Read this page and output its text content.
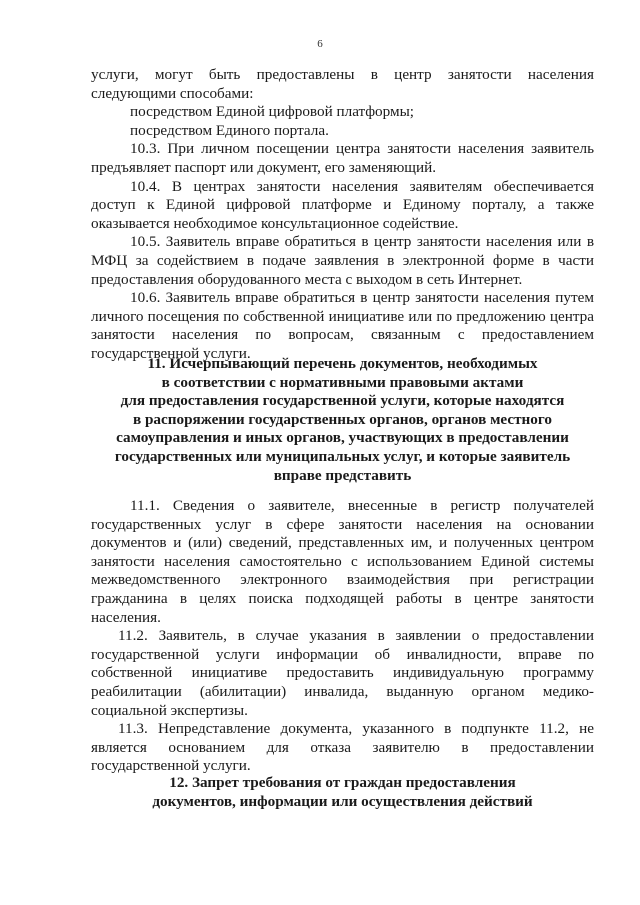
6

услуги, могут быть предоставлены в центр занятости населения следующими способами:

посредством Единой цифровой платформы;

посредством Единого портала.

10.3. При личном посещении центра занятости населения заявитель предъявляет паспорт или документ, его заменяющий.

10.4. В центрах занятости населения заявителям обеспечивается доступ к Единой цифровой платформе и Единому порталу, а также оказывается необходимое консультационное содействие.

10.5. Заявитель вправе обратиться в центр занятости населения или в МФЦ за содействием в подаче заявления в электронной форме в части предоставления оборудованного места с выходом в сеть Интернет.

10.6. Заявитель вправе обратиться в центр занятости населения путем личного посещения по собственной инициативе или по предложению центра занятости населения по вопросам, связанным с предоставлением государственной услуги.

11. Исчерпывающий перечень документов, необходимых
в соответствии с нормативными правовыми актами
для предоставления государственной услуги, которые находятся
в распоряжении государственных органов, органов местного
самоуправления и иных органов, участвующих в предоставлении
государственных или муниципальных услуг, и которые заявитель
вправе представить

11.1. Сведения о заявителе, внесенные в регистр получателей государственных услуг в сфере занятости населения на основании документов и (или) сведений, представленных им, и полученных центром занятости населения самостоятельно с использованием Единой системы межведомственного электронного взаимодействия при регистрации гражданина в целях поиска подходящей работы в центре занятости населения.

11.2. Заявитель, в случае указания в заявлении о предоставлении государственной услуги информации об инвалидности, вправе по собственной инициативе предоставить индивидуальную программу реабилитации (абилитации) инвалида, выданную органом медико-социальной экспертизы.

11.3. Непредставление документа, указанного в подпункте 11.2, не является основанием для отказа заявителю в предоставлении государственной услуги.

12. Запрет требования от граждан предоставления
документов, информации или осуществления действий
